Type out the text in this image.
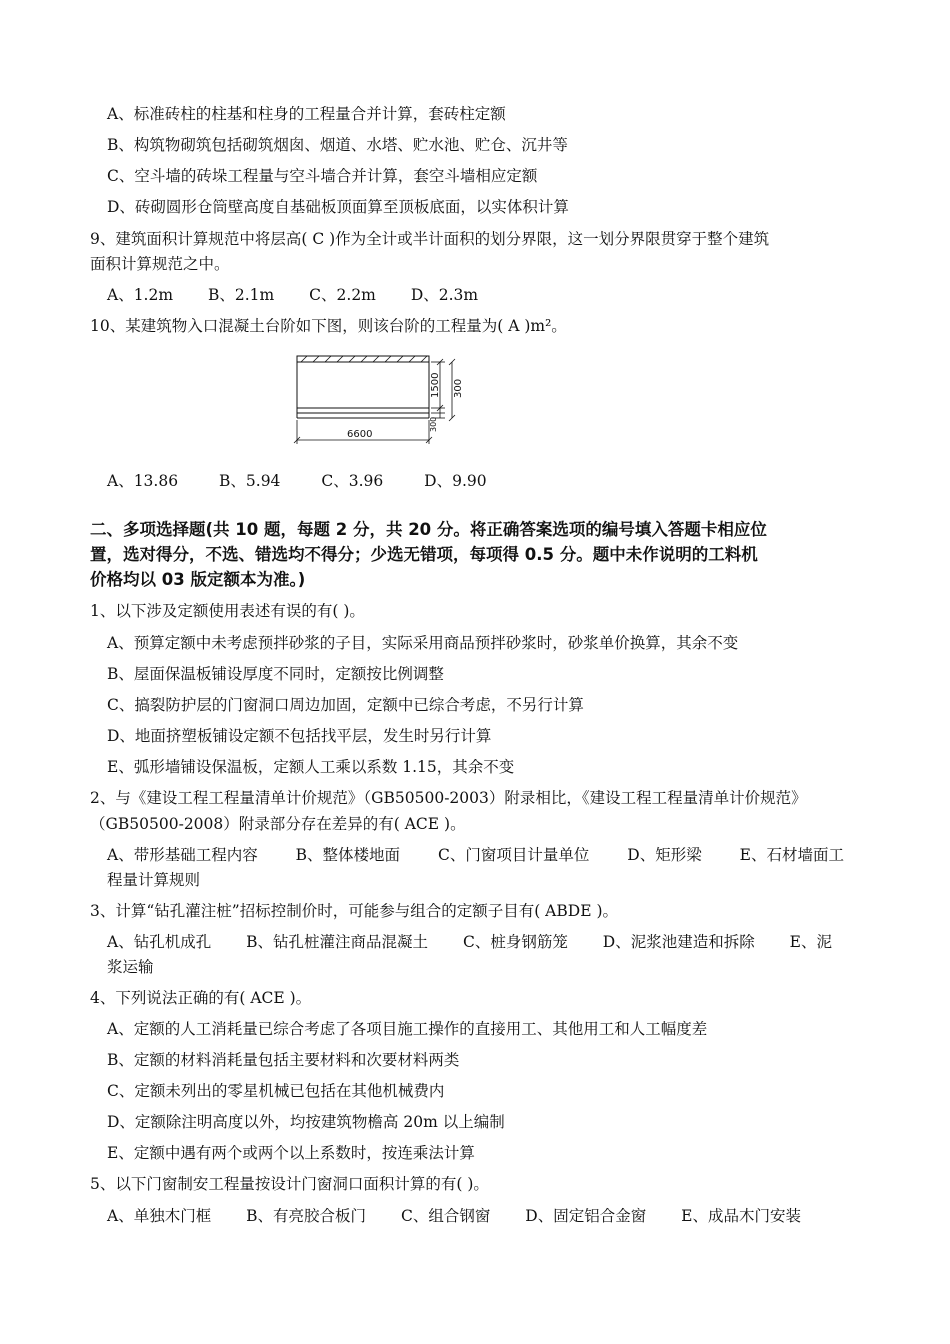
A、标准砖柱的柱基和柱身的工程量合并计算，套砖柱定额
B、构筑物砌筑包括砌筑烟囱、烟道、水塔、贮水池、贮仓、沉井等
C、空斗墙的砖垛工程量与空斗墙合并计算，套空斗墙相应定额
D、砖砌圆形仓筒壁高度自基础板顶面算至顶板底面，以实体积计算
9、建筑面积计算规范中将层高( C )作为全计或半计面积的划分界限，这一划分界限贯穿于整个建筑
面积计算规范之中。
A、1.2m B、2.1m C、2.2m D、2.3m
10、某建筑物入口混凝土台阶如下图，则该台阶的工程量为( A )m²。
6600
1500 300
300
A、13.86	B、5.94	C、3.96	D、9.90
二、多项选择题(共 10 题，每题 2 分，共 20 分。将正确答案选项的编号填入答题卡相应位
置，选对得分，不选、错选均不得分；少选无错项，每项得 0.5 分。题中未作说明的工料机
价格均以 03 版定额本为准。)
1、以下涉及定额使用表述有误的有( )。
A、预算定额中未考虑预拌砂浆的子目，实际采用商品预拌砂浆时，砂浆单价换算，其余不变
B、屋面保温板铺设厚度不同时，定额按比例调整
C、搞裂防护层的门窗洞口周边加固，定额中已综合考虑，不另行计算
D、地面挤塑板铺设定额不包括找平层，发生时另行计算
E、弧形墙铺设保温板，定额人工乘以系数 1.15，其余不变
2、与《建设工程工程量清单计价规范》（GB50500-2003）附录相比，《建设工程工程量清单计价规范》
（GB50500-2008）附录部分存在差异的有( ACE )。
A、带形基础工程内容 B、整体楼地面 C、门窗项目计量单位 D、矩形梁 E、石材墙面工
程量计算规则
3、计算“钻孔灌注桩”招标控制价时，可能参与组合的定额子目有( ABDE )。
A、钻孔机成孔 B、钻孔桩灌注商品混凝土 C、桩身钢筋笼 D、泥浆池建造和拆除 E、泥
浆运输
4、下列说法正确的有( ACE )。
A、定额的人工消耗量已综合考虑了各项目施工操作的直接用工、其他用工和人工幅度差
B、定额的材料消耗量包括主要材料和次要材料两类
C、定额未列出的零星机械已包括在其他机械费内
D、定额除注明高度以外，均按建筑物檐高 20m 以上编制
E、定额中遇有两个或两个以上系数时，按连乘法计算
5、以下门窗制安工程量按设计门窗洞口面积计算的有( )。
A、单独木门框 B、有亮胶合板门 C、组合钢窗 D、固定铝合金窗 E、成品木门安装
